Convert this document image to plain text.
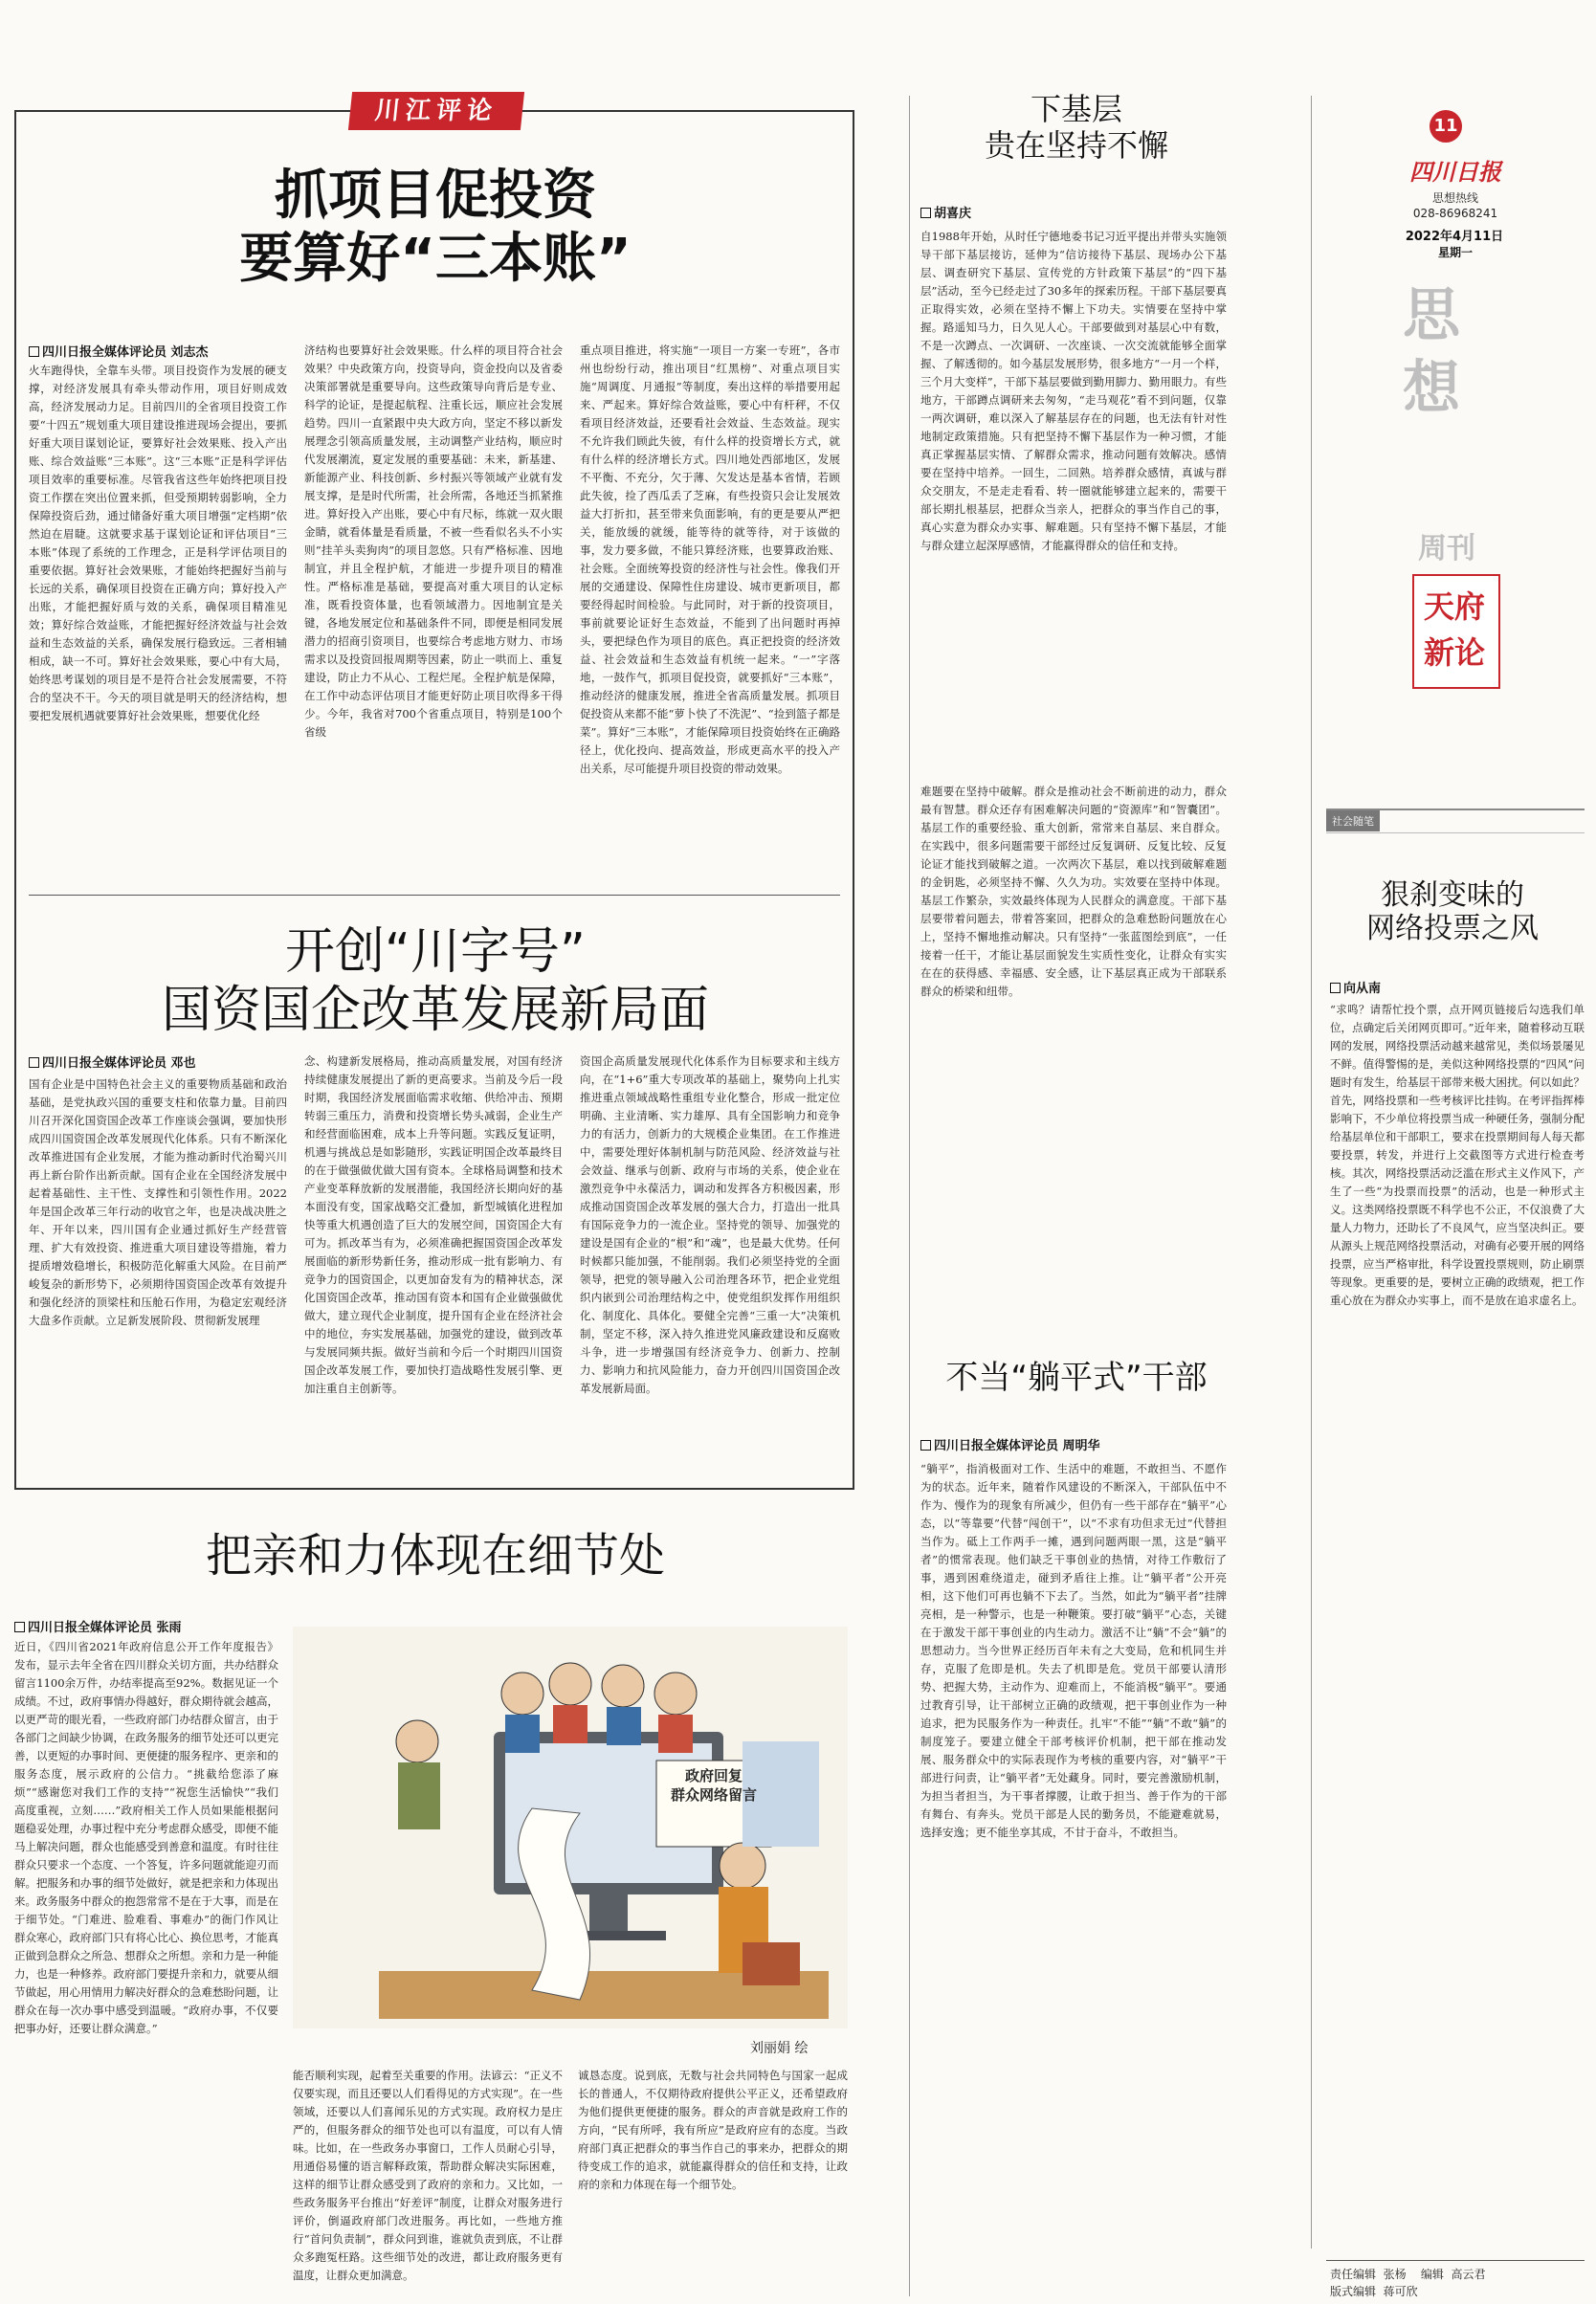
川江评论
抓项目促投资
要算好“三本账”
四川日报全媒体评论员 刘志杰
火车跑得快，全靠车头带。项目投资作为发展的硬支撑，对经济发展具有牵头带动作用，项目好则成效高，经济发展动力足。目前四川的全省项目投资工作要“十四五”规划重大项目建设推进现场会提出，要抓好重大项目谋划论证，要算好社会效果账、投入产出账、综合效益账“三本账”。这“三本账”正是科学评估项目效率的重要标准。尽管我省这些年始终把项目投资工作摆在突出位置来抓，但受预期转弱影响，全力保障投资后劲，通过储备好重大项目增强“定档期”依然迫在眉睫。这就要求基于谋划论证和评估项目“三本账”体现了系统的工作理念，正是科学评估项目的重要依据。算好社会效果账，才能始终把握好当前与长远的关系，确保项目投资在正确方向；算好投入产出账，才能把握好质与效的关系，确保项目精准见效；算好综合效益账，才能把握好经济效益与社会效益和生态效益的关系，确保发展行稳致远。三者相辅相成，缺一不可。算好社会效果账，要心中有大局，始终思考谋划的项目是不是符合社会发展需要，不符合的坚决不干。今天的项目就是明天的经济结构，想要把发展机遇就要算好社会效果账，想要优化经
济结构也要算好社会效果账。什么样的项目符合社会效果？中央政策方向，投资导向，资金投向以及省委决策部署就是重要导向。这些政策导向背后是专业、科学的论证，是提起航程、注重长远，顺应社会发展趋势。四川一直紧跟中央大政方向，坚定不移以新发展理念引领高质量发展，主动调整产业结构，顺应时代发展潮流，夏定发展的重要基础：未来，新基建、新能源产业、科技创新、乡村振兴等领域产业就有发展支撑，是是时代所需，社会所需，各地还当抓紧推进。算好投入产出账，要心中有尺标，练就一双火眼金睛，就看体量是看质量，不被一些看似名头不小实则“挂羊头卖狗肉”的项目忽悠。只有严格标准、因地制宜，并且全程护航，才能进一步提升项目的精准性。严格标准是基础，要提高对重大项目的认定标准，既看投资体量，也看领域潜力。因地制宜是关键，各地发展定位和基础条件不同，即便是相同发展潜力的招商引资项目，也要综合考虑地方财力、市场需求以及投资回报周期等因素，防止一哄而上、重复建设，防止力不从心、工程烂尾。全程护航是保障，在工作中动态评估项目才能更好防止项目吹得多干得少。今年，我省对700个省重点项目，特别是100个省级
重点项目推进，将实施“一项目一方案一专班”，各市州也纷纷行动，推出项目“红黑榜”、对重点项目实施“周调度、月通报”等制度，奏出这样的举措要用起来、严起来。算好综合效益账，要心中有杆秤，不仅看项目经济效益，还要看社会效益、生态效益。现实不允许我们顾此失彼，有什么样的投资增长方式，就有什么样的经济增长方式。四川地处西部地区，发展不平衡、不充分，欠于薄、欠发达是基本省情，若顾此失彼，捡了西瓜丢了芝麻，有些投资只会让发展效益大打折扣，甚至带来负面影响，有的更是要从严把关，能放缓的就缓，能等待的就等待，对于该做的事，发力要多做，不能只算经济账，也要算政治账、社会账。全面统筹投资的经济性与社会性。像我们开展的交通建设、保障性住房建设、城市更新项目，都要经得起时间检验。与此同时，对于新的投资项目，事前就要论证好生态效益，不能到了出问题时再掉头，要把绿色作为项目的底色。真正把投资的经济效益、社会效益和生态效益有机统一起来。“一”字落地，一鼓作气，抓项目促投资，就要抓好“三本账”，推动经济的健康发展，推进全省高质量发展。抓项目促投资从来都不能“萝卜快了不洗泥”、“捡到篮子都是菜”。算好“三本账”，才能保障项目投资始终在正确路径上，优化投向、提高效益，形成更高水平的投入产出关系，尽可能提升项目投资的带动效果。
开创“川字号”
国资国企改革发展新局面
四川日报全媒体评论员 邓也
国有企业是中国特色社会主义的重要物质基础和政治基础，是党执政兴国的重要支柱和依靠力量。目前四川召开深化国资国企改革工作座谈会强调，要加快形成四川国资国企改革发展现代化体系。只有不断深化改革推进国有企业发展，才能为推动新时代治蜀兴川再上新台阶作出新贡献。国有企业在全国经济发展中起着基础性、主干性、支撑性和引领性作用。2022年是国企改革三年行动的收官之年，也是决战决胜之年、开年以来，四川国有企业通过抓好生产经营管理、扩大有效投资、推进重大项目建设等措施，着力提质增效稳增长，积极防范化解重大风险。在目前严峻复杂的新形势下，必须期待国资国企改革有效提升和强化经济的顶梁柱和压舱石作用，为稳定宏观经济大盘多作贡献。立足新发展阶段、贯彻新发展理
念、构建新发展格局，推动高质量发展，对国有经济持续健康发展提出了新的更高要求。当前及今后一段时期，我国经济发展面临需求收缩、供给冲击、预期转弱三重压力，消费和投资增长势头减弱，企业生产和经营面临困难，成本上升等问题。实践反复证明，机遇与挑战总是如影随形，实践证明国企改革最终目的在于做强做优做大国有资本。全球格局调整和技术产业变革释放新的发展潜能，我国经济长期向好的基本面没有变，国家战略交汇叠加，新型城镇化进程加快等重大机遇创造了巨大的发展空间，国资国企大有可为。抓改革当有为，必须准确把握国资国企改革发展面临的新形势新任务，推动形成一批有影响力、有竞争力的国资国企，以更加奋发有为的精神状态，深化国资国企改革，推动国有资本和国有企业做强做优做大，建立现代企业制度，提升国有企业在经济社会中的地位，夯实发展基础，加强党的建设，做到改革与发展同频共振。做好当前和今后一个时期四川国资国企改革发展工作，要加快打造战略性发展引擎、更加注重自主创新等。
资国企高质量发展现代化体系作为目标要求和主线方向，在“1+6”重大专项改革的基础上，聚势向上扎实推进重点领域战略性重组专业化整合，形成一批定位明确、主业清晰、实力雄厚、具有全国影响力和竞争力的有活力，创新力的大规模企业集团。在工作推进中，需要处理好体制机制与防范风险、经济效益与社会效益、继承与创新、政府与市场的关系，使企业在激烈竞争中永葆活力，调动和发挥各方积极因素，形成推动国资国企改革发展的强大合力，打造出一批具有国际竞争力的一流企业。坚持党的领导、加强党的建设是国有企业的“根”和“魂”，也是最大优势。任何时候都只能加强，不能削弱。我们必须坚持党的全面领导，把党的领导融入公司治理各环节，把企业党组织内嵌到公司治理结构之中，使党组织发挥作用组织化、制度化、具体化。要健全完善“三重一大”决策机制，坚定不移，深入持久推进党风廉政建设和反腐败斗争，进一步增强国有经济竞争力、创新力、控制力、影响力和抗风险能力，奋力开创四川国资国企改革发展新局面。
把亲和力体现在细节处
四川日报全媒体评论员 张雨
近日，《四川省2021年政府信息公开工作年度报告》发布，显示去年全省在四川群众关切方面，共办结群众留言1100余万件，办结率提高至92%。数据见证一个成绩。不过，政府事情办得越好，群众期待就会越高，以更严苛的眼光看，一些政府部门办结群众留言，由于各部门之间缺少协调，在政务服务的细节处还可以更完善，以更短的办事时间、更便捷的服务程序、更亲和的服务态度，展示政府的公信力。“挑截给您添了麻烦”“感谢您对我们工作的支持”“祝您生活愉快”“我们高度重视，立刻……”政府相关工作人员如果能根据问题稳妥处理，办事过程中充分考虑群众感受，即便不能马上解决问题，群众也能感受到善意和温度。有时往往群众只要求一个态度、一个答复，许多问题就能迎刃而解。把服务和办事的细节处做好，就是把亲和力体现出来。政务服务中群众的抱怨常常不是在于大事，而是在于细节处。“门难进、脸难看、事难办”的衙门作风让群众寒心，政府部门只有将心比心、换位思考，才能真正做到急群众之所急、想群众之所想。亲和力是一种能力，也是一种修养。政府部门要提升亲和力，就要从细节做起，用心用情用力解决好群众的急难愁盼问题，让群众在每一次办事中感受到温暖。“政府办事，不仅要把事办好，还要让群众满意。”
政府回复
群众网络留言
刘丽娟 绘
能否顺利实现，起着至关重要的作用。法谚云：“正义不仅要实现，而且还要以人们看得见的方式实现”。在一些领域，还要以人们喜闻乐见的方式实现。政府权力是庄严的，但服务群众的细节处也可以有温度，可以有人情味。比如，在一些政务办事窗口，工作人员耐心引导，用通俗易懂的语言解释政策，帮助群众解决实际困难，这样的细节让群众感受到了政府的亲和力。又比如，一些政务服务平台推出“好差评”制度，让群众对服务进行评价，倒逼政府部门改进服务。再比如，一些地方推行“首问负责制”，群众问到谁，谁就负责到底，不让群众多跑冤枉路。这些细节处的改进，都让政府服务更有温度，让群众更加满意。
诚恳态度。说到底，无数与社会共同特色与国家一起成长的普通人，不仅期待政府提供公平正义，还希望政府为他们提供更便捷的服务。群众的声音就是政府工作的方向，“民有所呼，我有所应”是政府应有的态度。当政府部门真正把群众的事当作自己的事来办，把群众的期待变成工作的追求，就能赢得群众的信任和支持，让政府的亲和力体现在每一个细节处。
下基层
贵在坚持不懈
胡喜庆
自1988年开始，从时任宁德地委书记习近平提出并带头实施领导干部下基层接访，延伸为“信访接待下基层、现场办公下基层、调查研究下基层、宣传党的方针政策下基层”的“四下基层”活动，至今已经走过了30多年的探索历程。干部下基层要真正取得实效，必须在坚持不懈上下功夫。实情要在坚持中掌握。路遥知马力，日久见人心。干部要做到对基层心中有数，不是一次蹲点、一次调研、一次座谈、一次交流就能够全面掌握、了解透彻的。如今基层发展形势，很多地方“一月一个样，三个月大变样”，干部下基层要做到勤用脚力、勤用眼力。有些地方，干部蹲点调研来去匆匆，“走马观花”看不到问题，仅靠一两次调研，难以深入了解基层存在的问题，也无法有针对性地制定政策措施。只有把坚持不懈下基层作为一种习惯，才能真正掌握基层实情、了解群众需求，推动问题有效解决。感情要在坚持中培养。一回生，二回熟。培养群众感情，真诚与群众交朋友，不是走走看看、转一圈就能够建立起来的，需要干部长期扎根基层，把群众当亲人，把群众的事当作自己的事，真心实意为群众办实事、解难题。只有坚持不懈下基层，才能与群众建立起深厚感情，才能赢得群众的信任和支持。
难题要在坚持中破解。群众是推动社会不断前进的动力，群众最有智慧。群众还存有困难解决问题的“资源库”和“智囊团”。基层工作的重要经验、重大创新，常常来自基层、来自群众。在实践中，很多问题需要干部经过反复调研、反复比较、反复论证才能找到破解之道。一次两次下基层，难以找到破解难题的金钥匙，必须坚持不懈、久久为功。实效要在坚持中体现。基层工作繁杂，实效最终体现为人民群众的满意度。干部下基层要带着问题去，带着答案回，把群众的急难愁盼问题放在心上，坚持不懈地推动解决。只有坚持“一张蓝图绘到底”，一任接着一任干，才能让基层面貌发生实质性变化，让群众有实实在在的获得感、幸福感、安全感，让下基层真正成为干部联系群众的桥梁和纽带。
不当“躺平式”干部
四川日报全媒体评论员 周明华
“躺平”，指消极面对工作、生活中的难题，不敢担当、不愿作为的状态。近年来，随着作风建设的不断深入，干部队伍中不作为、慢作为的现象有所减少，但仍有一些干部存在“躺平”心态，以“等靠要”代替“闯创干”，以“不求有功但求无过”代替担当作为。砥上工作两手一摊，遇到问题两眼一黑，这是“躺平者”的惯常表现。他们缺乏干事创业的热情，对待工作敷衍了事，遇到困难绕道走，碰到矛盾往上推。让“躺平者”公开亮相，这下他们可再也躺不下去了。当然，如此为“躺平者”挂牌亮相，是一种警示，也是一种鞭策。要打破“躺平”心态，关键在于激发干部干事创业的内生动力。激活不让“躺”不会“躺”的思想动力。当今世界正经历百年未有之大变局，危和机同生并存，克服了危即是机。失去了机即是危。党员干部要认清形势、把握大势，主动作为、迎难而上，不能消极“躺平”。要通过教育引导，让干部树立正确的政绩观，把干事创业作为一种追求，把为民服务作为一种责任。扎牢“不能”“躺”不敢“躺”的制度笼子。要建立健全干部考核评价机制，把干部在推动发展、服务群众中的实际表现作为考核的重要内容，对“躺平”干部进行问责，让“躺平者”无处藏身。同时，要完善激励机制，为担当者担当，为干事者撑腰，让敢于担当、善于作为的干部有舞台、有奔头。党员干部是人民的勤务员，不能避难就易，选择安逸；更不能坐享其成，不甘于奋斗，不敢担当。
11
四川日报
思想热线
028-86968241
2022年4月11日
星期一
思想
周刊
天府新论
社会随笔
狠刹变味的
网络投票之风
向从南
“求鸣？请帮忙投个票，点开网页链接后勾选我们单位，点确定后关闭网页即可。”近年来，随着移动互联网的发展，网络投票活动越来越常见，类似场景屡见不鲜。值得警惕的是，美似这种网络投票的“四风”问题时有发生，给基层干部带来极大困扰。何以如此？首先，网络投票和一些考核评比挂钩。在考评指挥棒影响下，不少单位将投票当成一种硬任务，强制分配给基层单位和干部职工，要求在投票期间每人每天都要投票，转发，并进行上交截图等方式进行检查考核。其次，网络投票活动泛滥在形式主义作风下，产生了一些“为投票而投票”的活动，也是一种形式主义。这类网络投票既不科学也不公正，不仅浪费了大量人力物力，还助长了不良风气，应当坚决纠正。要从源头上规范网络投票活动，对确有必要开展的网络投票，应当严格审批，科学设置投票规则，防止刷票等现象。更重要的是，要树立正确的政绩观，把工作重心放在为群众办实事上，而不是放在追求虚名上。
责任编辑  张杨    编辑  高云君
版式编辑  蒋可欣
